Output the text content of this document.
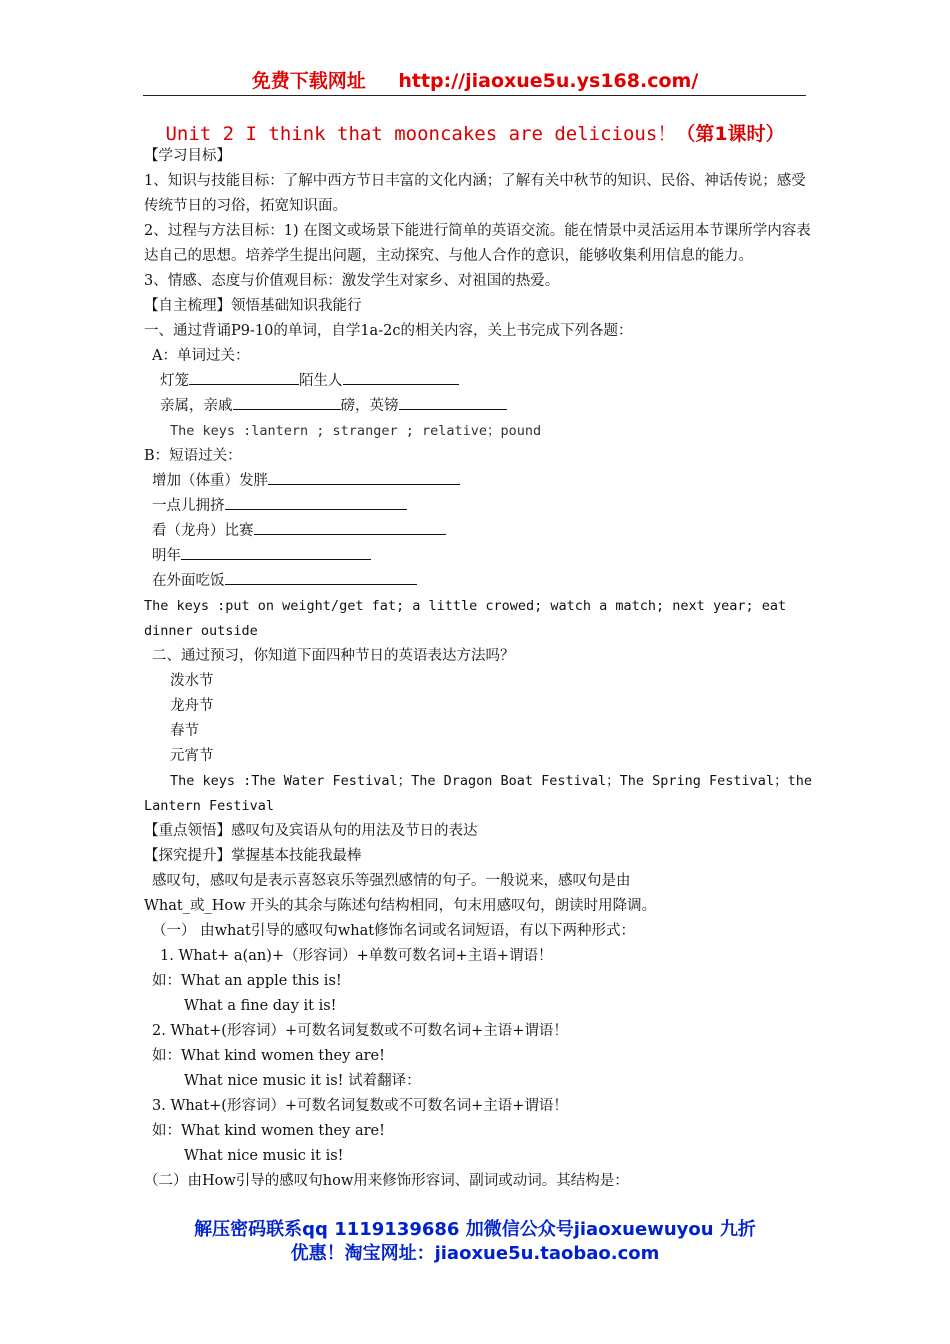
免费下载网址 http://jiaoxue5u.ys168.com/
Unit 2 I think that mooncakes are delicious！（第1课时）
【学习目标】
1、知识与技能目标：了解中西方节日丰富的文化内涵；了解有关中秋节的知识、民俗、神话传说；感受传统节日的习俗，拓宽知识面。
2、过程与方法目标：1) 在图文或场景下能进行简单的英语交流。能在情景中灵活运用本节课所学内容表达自己的思想。培养学生提出问题，主动探究、与他人合作的意识，能够收集利用信息的能力。
3、情感、态度与价值观目标：激发学生对家乡、对祖国的热爱。
【自主梳理】领悟基础知识我能行
一、通过背诵P9-10的单词，自学1a-2c的相关内容，关上书完成下列各题：
A：单词过关：
灯笼	陌生人
亲属，亲戚	磅，英镑
The keys :lantern ; stranger ; relative；pound
B：短语过关：
增加（体重）发胖
一点儿拥挤
看（龙舟）比赛
明年
在外面吃饭
The keys :put on weight/get fat; a little crowed; watch a match; next year; eat dinner outside
二、通过预习，你知道下面四种节日的英语表达方法吗？
泼水节
龙舟节
春节
元宵节
The keys :The Water Festival；The Dragon Boat Festival；The Spring Festival；the Lantern Festival
【重点领悟】感叹句及宾语从句的用法及节日的表达
【探究提升】掌握基本技能我最棒
感叹句，感叹句是表示喜怒哀乐等强烈感情的句子。一般说来，感叹句是由
What_或_How 开头的其余与陈述句结构相同，句末用感叹句，朗读时用降调。
（一） 由what引导的感叹句what修饰名词或名词短语，有以下两种形式：
1. What+ a(an)+（形容词）+单数可数名词+主语+谓语！
如：What an apple this is!
What a fine day it is!
2. What+(形容词）+可数名词复数或不可数名词+主语+谓语！
如：What kind women they are!
What nice music it is! 试着翻译：
3. What+(形容词）+可数名词复数或不可数名词+主语+谓语！
如：What kind women they are!
What nice music it is!
（二）由How引导的感叹句how用来修饰形容词、副词或动词。其结构是：
解压密码联系qq 1119139686 加微信公众号jiaoxuewuyou 九折
优惠！淘宝网址：jiaoxue5u.taobao.com
